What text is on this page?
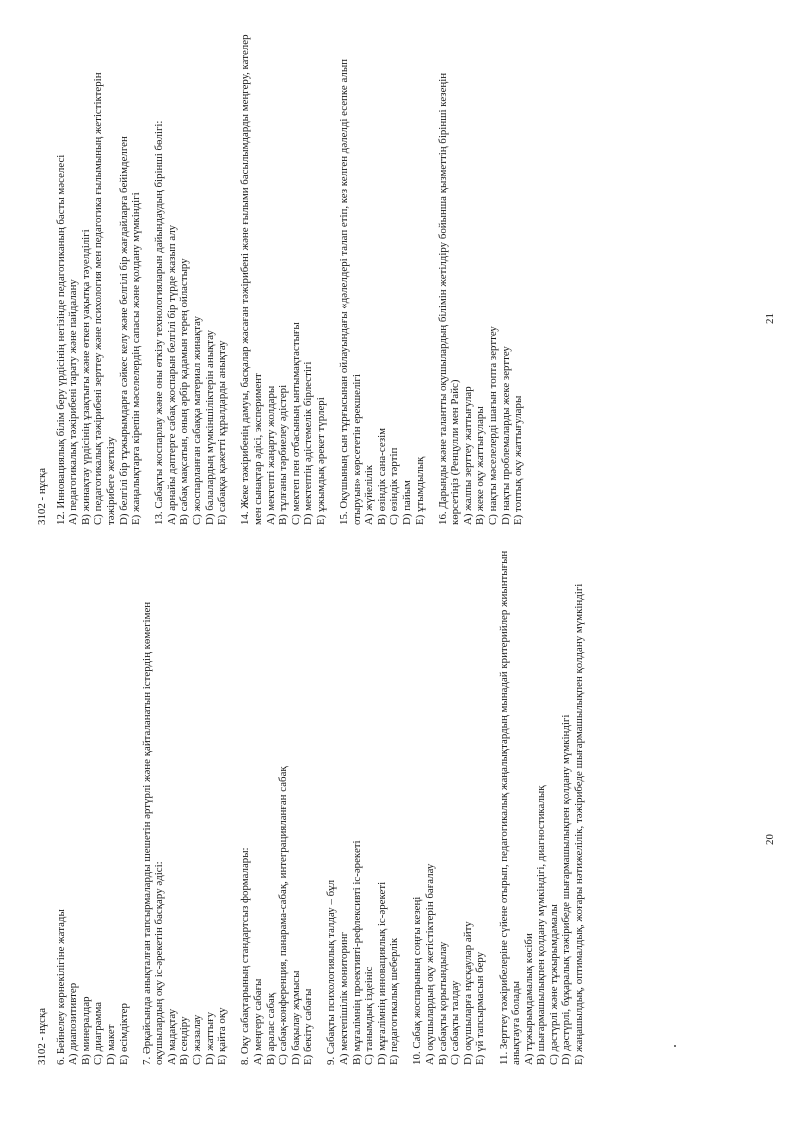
3102 - нұсқа 6. Бейнелеу көрнекілігіне жатады А) диапозитивтер В) минералдар С) диаграмма D) макет Е) өсімдіктер 7. Әрқайсында анықталған тапсырмаларды шешетін әртүрлі және қайталанатын істердің көмегімен оқушылардың оқу іс-әрекетін басқару әдісі: А) мадақтау В) сендіру С) жазалау D) жаттығу Е) қайта оқу 8. Оқу сабақтарының стандартсыз формалары: А) меңгеру сабағы В) аралас сабақ С) сабақ-конференция, панарама-сабақ, интеграцияланған сабақ D) бақылау жұмысы Е) бекіту сабағы 9. Сабақты психологиялық талдау – бұл А) мектепішілік мониторинг В) мұғалімнің проективті-рефлексивті іс-әрекеті С) танымдық іздеініс D) мұғалімнің инновациялық іс-әрекеті Е) педагогикалық шеберлік 10. Сабақ жоспарының соңғы кезеңі А) оқушылардың оқу жетістіктерін бағалау В) сабақты қорытындылау С) сабақты талдау D) оқушыларға нұсқаулар айту Е) үй тапсырмасын беру 11. Зерттеу тәжірибелеріне сүйене отырып, педагогикалық жаңалықтардың мынадай критерийлер жиынтығын анықтауға болады А) тұжырымдамалық көсіби В) шығармашылықпен қолдану мүмкіндігі, диагностикалық С) дәстүрлі және тұжырымдамалы D) дәстүрлі, бұқаралық тәжірибеде шығармашылықпен қолдану мүмкіндігі Е) жаңашылдық, оптималдық, жоғары нәтижелілік, тәжірибеде шығармашылықпен қолдану мүмкіндігі
3102 - нұсқа 12. Инновациялық білім беру үрдісінің негізінде педагогиканың басты мәселесі А) педагогикалық тәжірибені тарату және пайдалану В) жинақтау үрдісінің ұзақтығы және өткен уақытқа тәуелділігі С) педагогикалық тәжірибені зерттеу және психология мен педагогика ғылымының жетістіктерін тәжірибеге жеткізу D) белгілі бір тұжырымдарға сәйкес келу және белгілі бір жағдайларға бейімделген Е) жаңалықтарға кірепін мәселелердің сапасы және қолдану мүмкіндігі 13. Сабақты жоспарлау және оны өткізу технологияларын дайындаудың бірінші бөлігі: А) арнайы дәптерге сабақ жоспарын белгілі бір түрде жазып алу В) сабақ мақсатын, оның әрбір қадамын терең ойластыру С) жоспарланған сабаққа материал жинақтау D) балалардың мүмкіншіліктерін анықтау Е) сабаққа қажетті құралдарды анықтау 14. Жеке тәжірибенің дамуы, басқалар жасаған тәжірибені және ғылыми басылымдарды меңгеру, кателер мен сынақтар әдісі, эксперимент А) мектепті жаңарту жолдары В) тұлғаны тәрбиелеу әдістері С) мектеп пен отбасының ынтымақтастығы D) мектептің әдістемелік бірлестігі Е) ұжымдық әрекет түрлері 15. Оқушының сын тұрғысынан ойлауындағы «дәлелдері талап етіп, кез келген дәлелді есепке алып отыруын» көрсететін ерекшелігі А) жүйелілік В) өзіндік сана-сезім С) өзіндік тәртіп D) пайым Е) ұтымдылық 16. Дарынды және талантты оқушылардың білімін жетілдіру бойынша қызметтің бірінші кезеңін көрсетіңіз (Ренцулли мен Райс) А) жалпы зерттеу жаттығулар В) жеке оқу жаттығулары С) нақты мәселелерді шағын топта зерттеу D) нақты проблемаларды жеке зерттеу Е) топтық оқу жаттығулары
20
21
